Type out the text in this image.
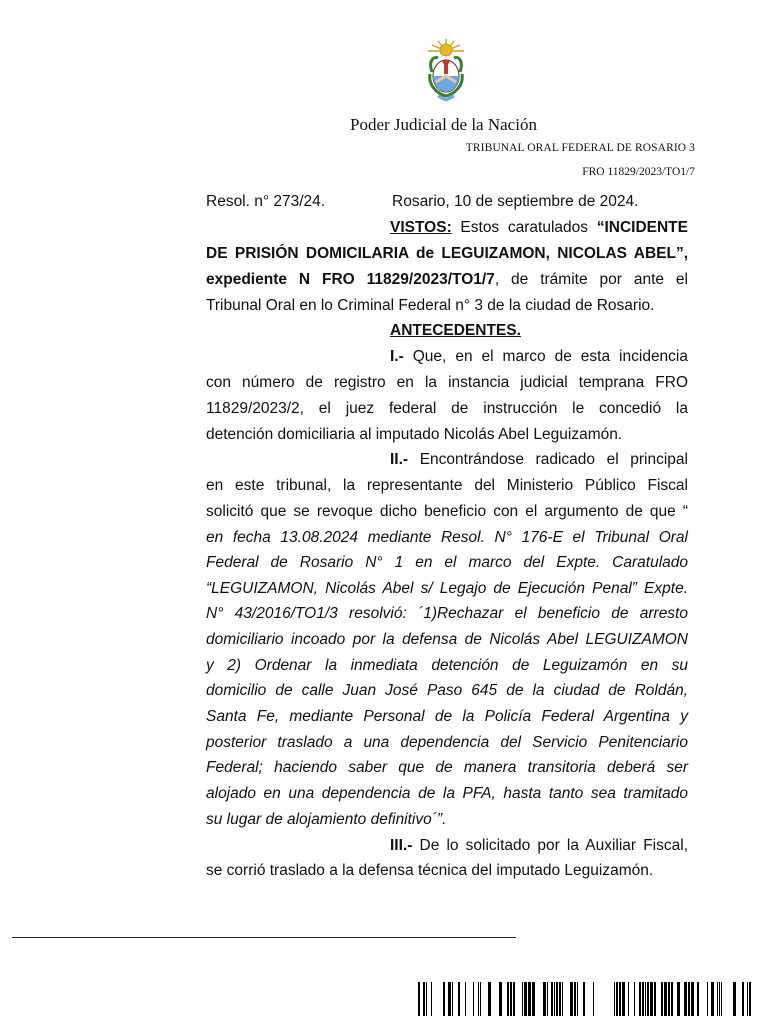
Poder Judicial de la Nación
TRIBUNAL ORAL FEDERAL DE ROSARIO 3
FRO 11829/2023/TO1/7
Resol. n° 273/24.	Rosario, 10 de septiembre de 2024.
VISTOS: Estos caratulados “INCIDENTE
DE PRISIÓN DOMICILARIA de LEGUIZAMON, NICOLAS ABEL”,
expediente N FRO 11829/2023/TO1/7, de trámite por ante el
Tribunal Oral en lo Criminal Federal n° 3 de la ciudad de Rosario.
ANTECEDENTES.
I.- Que, en el marco de esta incidencia
con número de registro en la instancia judicial temprana FRO
11829/2023/2, el juez federal de instrucción le concedió la
detención domiciliaria al imputado Nicolás Abel Leguizamón.
II.- Encontrándose radicado el principal
en este tribunal, la representante del Ministerio Público Fiscal
solicitó que se revoque dicho beneficio con el argumento de que “
en fecha 13.08.2024 mediante Resol. N° 176-E el Tribunal Oral
Federal de Rosario N° 1 en el marco del Expte. Caratulado
“LEGUIZAMON, Nicolás Abel s/ Legajo de Ejecución Penal” Expte.
N° 43/2016/TO1/3 resolvió: ´1)Rechazar el beneficio de arresto
domiciliario incoado por la defensa de Nicolás Abel LEGUIZAMON
y 2) Ordenar la inmediata detención de Leguizamón en su
domicilio de calle Juan José Paso 645 de la ciudad de Roldán,
Santa Fe, mediante Personal de la Policía Federal Argentina y
posterior traslado a una dependencia del Servicio Penitenciario
Federal; haciendo saber que de manera transitoria deberá ser
alojado en una dependencia de la PFA, hasta tanto sea tramitado
su lugar de alojamiento definitivo´”.
III.- De lo solicitado por la Auxiliar Fiscal,
se corrió traslado a la defensa técnica del imputado Leguizamón.
